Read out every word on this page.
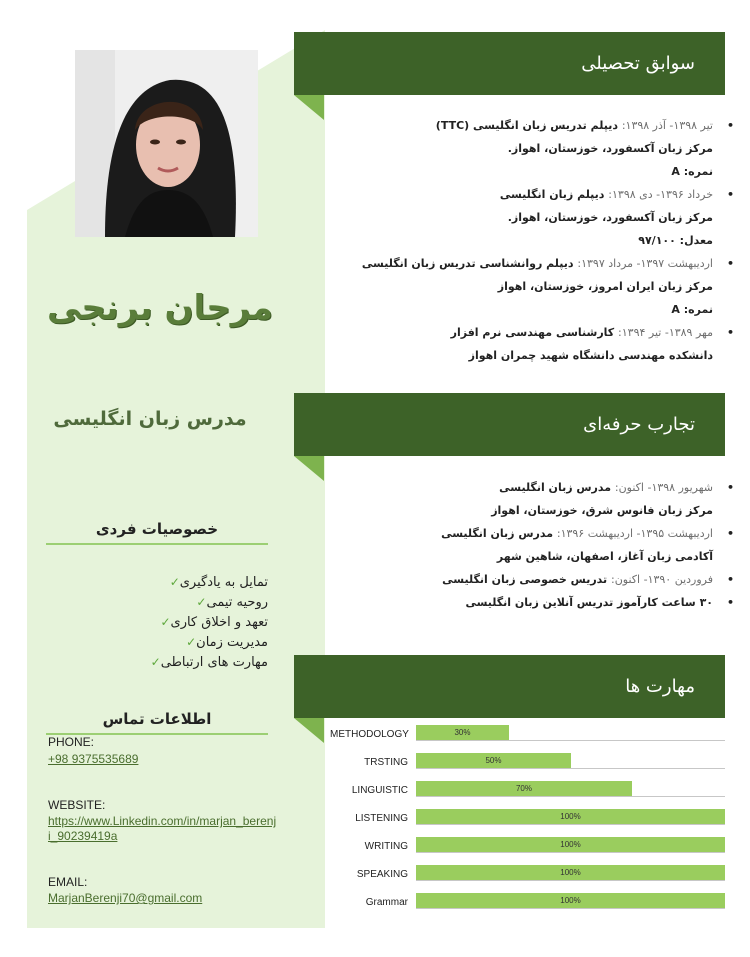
مرجان برنجی
مدرس زبان انگلیسی
خصوصیات فردی
تمایل به یادگیری✓
روحیه تیمی✓
تعهد و اخلاق کاری✓
مدیریت زمان✓
مهارت های ارتباطی✓
اطلاعات تماس
PHONE:
+98 9375535689
WEBSITE:
https://www.Linkedin.com/in/marjan_berenji_90239419a
EMAIL:
MarjanBerenji70@gmail.com
سوابق تحصیلی
•
تیر ۱۳۹۸- آذر ۱۳۹۸: دیپلم تدریس زبان انگلیسی (TTC)
مرکز زبان آکسفورد، خوزستان، اهواز.
نمره: A
•
خرداد ۱۳۹۶- دی ۱۳۹۸: دیپلم زبان انگلیسی
مرکز زبان آکسفورد، خوزستان، اهواز.
معدل: ۹۷/۱۰۰
•
اردیبهشت ۱۳۹۷- مرداد ۱۳۹۷: دیپلم روانشناسی تدریس زبان انگلیسی
مرکز زبان ایران امروز، خوزستان، اهواز
نمره: A
•
مهر ۱۳۸۹- تیر ۱۳۹۴: کارشناسی مهندسی نرم افزار
دانشکده مهندسی دانشگاه شهید چمران اهواز
تجارب حرفه‌ای
•
شهریور ۱۳۹۸- اکنون: مدرس زبان انگلیسی
مرکز زبان فانوس شرق، خوزستان، اهواز
•
اردیبهشت ۱۳۹۵- اردیبهشت ۱۳۹۶: مدرس زبان انگلیسی
آکادمی زبان آغاز، اصفهان، شاهین شهر
•
فروردین ۱۳۹۰- اکنون: تدریس خصوصی زبان انگلیسی
•
۳۰ ساعت کارآموز تدریس آنلاین زبان انگلیسی
مهارت ها
METHODOLOGY	30%
TRSTING	50%
LINGUISTIC	70%
LISTENING	100%
WRITING	100%
SPEAKING	100%
Grammar	100%
